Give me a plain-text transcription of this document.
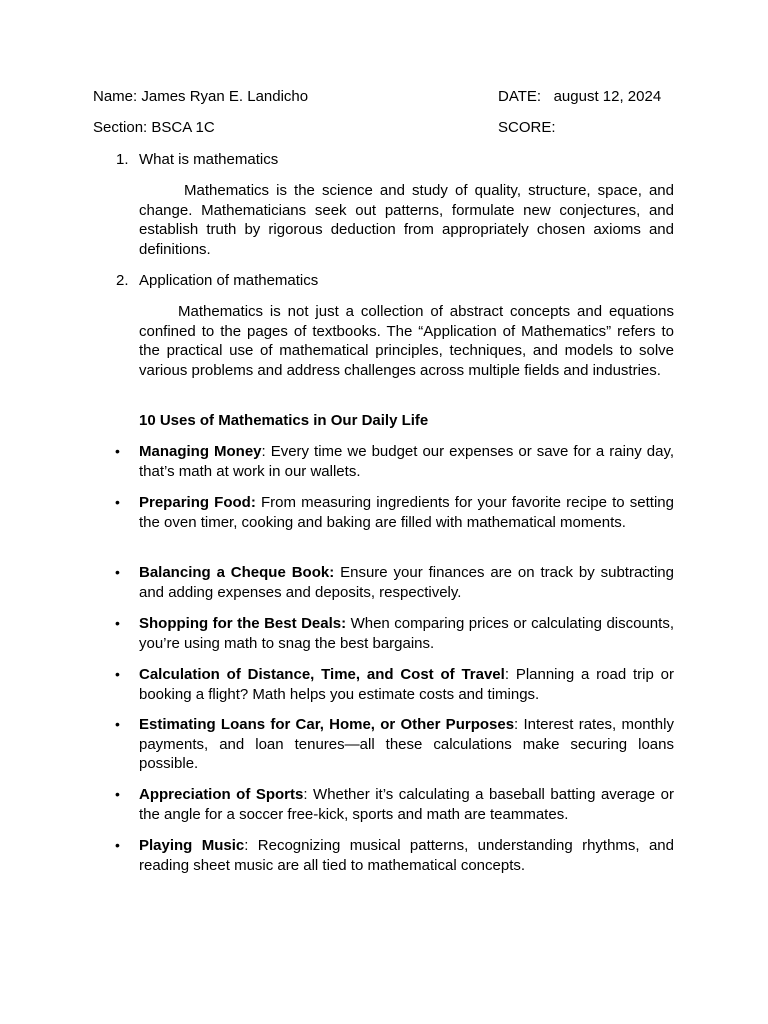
Name: James Ryan E. Landicho	DATE: august 12, 2024
Section: BSCA 1C	SCORE:
1. What is mathematics
Mathematics is the science and study of quality, structure, space, and change. Mathematicians seek out patterns, formulate new conjectures, and establish truth by rigorous deduction from appropriately chosen axioms and definitions.
2. Application of mathematics
Mathematics is not just a collection of abstract concepts and equations confined to the pages of textbooks. The “Application of Mathematics” refers to the practical use of mathematical principles, techniques, and models to solve various problems and address challenges across multiple fields and industries.
10 Uses of Mathematics in Our Daily Life
• Managing Money: Every time we budget our expenses or save for a rainy day, that’s math at work in our wallets.
• Preparing Food: From measuring ingredients for your favorite recipe to setting the oven timer, cooking and baking are filled with mathematical moments.
• Balancing a Cheque Book: Ensure your finances are on track by subtracting and adding expenses and deposits, respectively.
• Shopping for the Best Deals: When comparing prices or calculating discounts, you’re using math to snag the best bargains.
• Calculation of Distance, Time, and Cost of Travel: Planning a road trip or booking a flight? Math helps you estimate costs and timings.
• Estimating Loans for Car, Home, or Other Purposes: Interest rates, monthly payments, and loan tenures—all these calculations make securing loans possible.
• Appreciation of Sports: Whether it’s calculating a baseball batting average or the angle for a soccer free-kick, sports and math are teammates.
• Playing Music: Recognizing musical patterns, understanding rhythms, and reading sheet music are all tied to mathematical concepts.
